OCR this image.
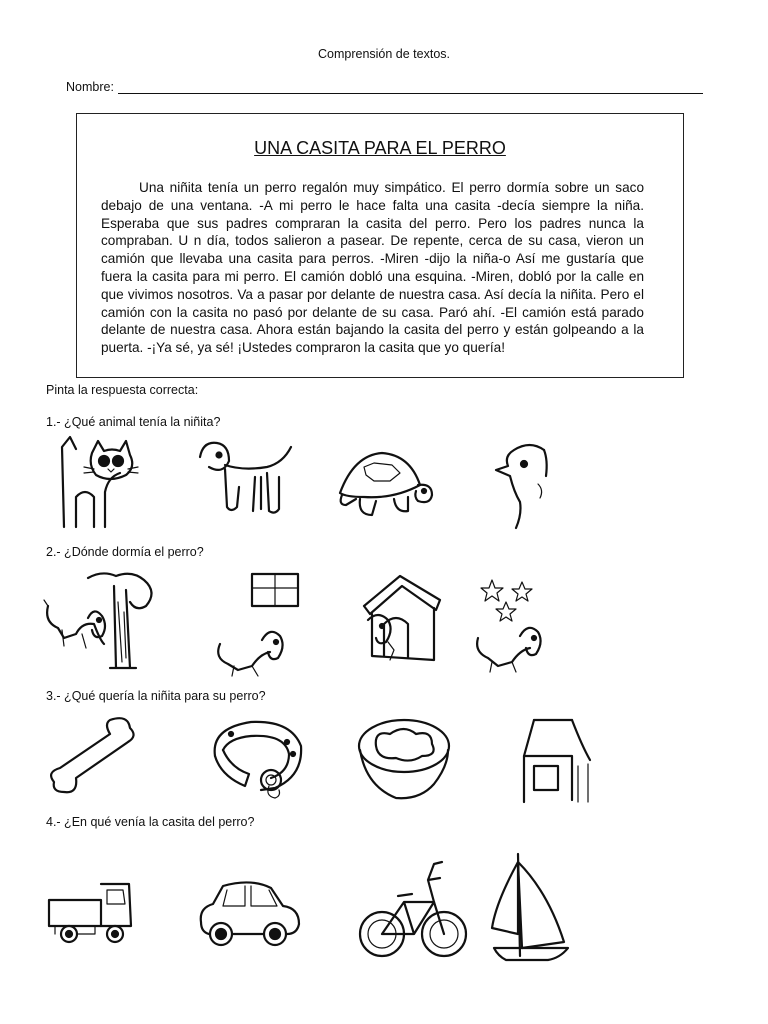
Comprensión de textos.
Nombre:
UNA CASITA PARA EL PERRO

Una niñita tenía un perro regalón muy simpático. El perro dormía sobre un saco debajo de una ventana. -A mi perro le hace falta una casita -decía siempre la niña. Esperaba que sus padres compraran la casita del perro. Pero los padres nunca la compraban. U n día, todos salieron a pasear. De repente, cerca de su casa, vieron un camión que llevaba una casita para perros. -Miren -dijo la niña-o Así me gustaría que fuera la casita para mi perro. El camión dobló una esquina. -Miren, dobló por la calle en que vivimos nosotros. Va a pasar por delante de nuestra casa. Así decía la niñita. Pero el camión con la casita no pasó por delante de su casa. Paró ahí. -El camión está parado delante de nuestra casa. Ahora están bajando la casita del perro y están golpeando a la puerta. -¡Ya sé, ya sé! ¡Ustedes compraron la casita que yo quería!

Pinta la respuesta correcta:
1.- ¿Qué animal tenía la niñita?
2.- ¿Dónde dormía el perro?
3.- ¿Qué quería la niñita para su perro?
4.- ¿En qué venía la casita del perro?
